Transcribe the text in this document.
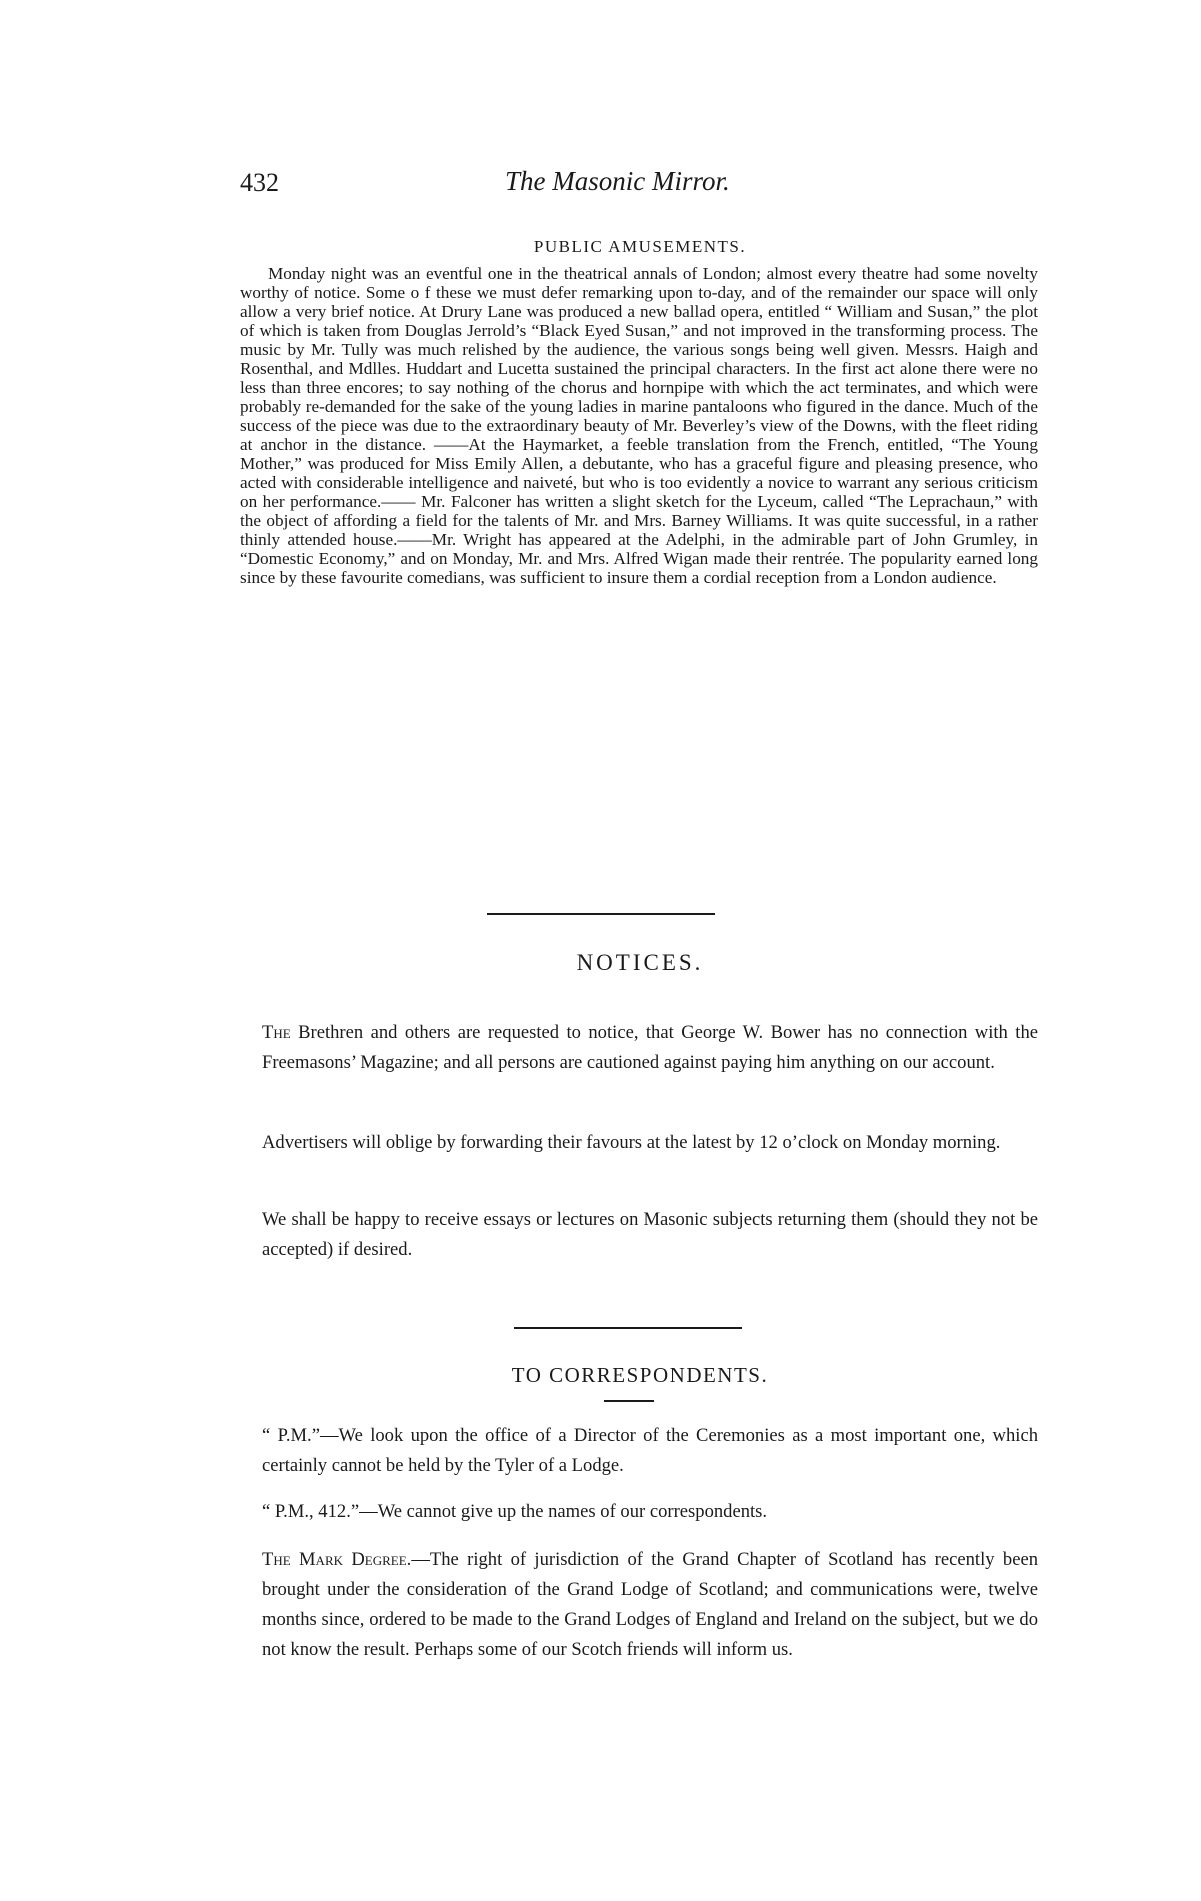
432	The Masonic Mirror.
PUBLIC AMUSEMENTS.

Monday night was an eventful one in the theatrical annals of London; almost every theatre had some novelty worthy of notice. Some o f these we must defer remarking upon to-day, and of the remainder our space will only allow a very brief notice. At Drury Lane was produced a new ballad opera, entitled “ William and Susan,” the plot of which is taken from Douglas Jerrold’s “Black Eyed Susan,” and not improved in the transforming process. The music by Mr. Tully was much relished by the audience, the various songs being well given. Messrs. Haigh and Rosenthal, and Mdlles. Huddart and Lucetta sustained the principal characters. In the first act alone there were no less than three encores; to say nothing of the chorus and hornpipe with which the act terminates, and which were probably re-demanded for the sake of the young ladies in marine pantaloons who figured in the dance. Much of the success of the piece was due to the extraordinary beauty of Mr. Beverley’s view of the Downs, with the fleet riding at anchor in the distance. ——At the Haymarket, a feeble translation from the French, entitled, “The Young Mother,” was produced for Miss Emily Allen, a debutante, who has a graceful figure and pleasing presence, who acted with considerable intelligence and naiveté, but who is too evidently a novice to warrant any serious criticism on her performance.—— Mr. Falconer has written a slight sketch for the Lyceum, called “The Leprachaun,” with the object of affording a field for the talents of Mr. and Mrs. Barney Williams. It was quite successful, in a rather thinly attended house.——Mr. Wright has appeared at the Adelphi, in the admirable part of John Grumley, in “Domestic Economy,” and on Monday, Mr. and Mrs. Alfred Wigan made their rentrée. The popularity earned long since by these favourite comedians, was sufficient to insure them a cordial reception from a London audience.

NOTICES.

The Brethren and others are requested to notice, that George W. Bower has no connection with the Freemasons’ Magazine; and all persons are cautioned against paying him anything on our account.

Advertisers will oblige by forwarding their favours at the latest by 12 o’clock on Monday morning.

We shall be happy to receive essays or lectures on Masonic subjects returning them (should they not be accepted) if desired.

TO CORRESPONDENTS.

“ P.M.”—We look upon the office of a Director of the Ceremonies as a most important one, which certainly cannot be held by the Tyler of a Lodge.

“ P.M., 412.”—We cannot give up the names of our correspondents.

The Mark Degree.—The right of jurisdiction of the Grand Chapter of Scotland has recently been brought under the consideration of the Grand Lodge of Scotland; and communications were, twelve months since, ordered to be made to the Grand Lodges of England and Ireland on the subject, but we do not know the result. Perhaps some of our Scotch friends will inform us.
